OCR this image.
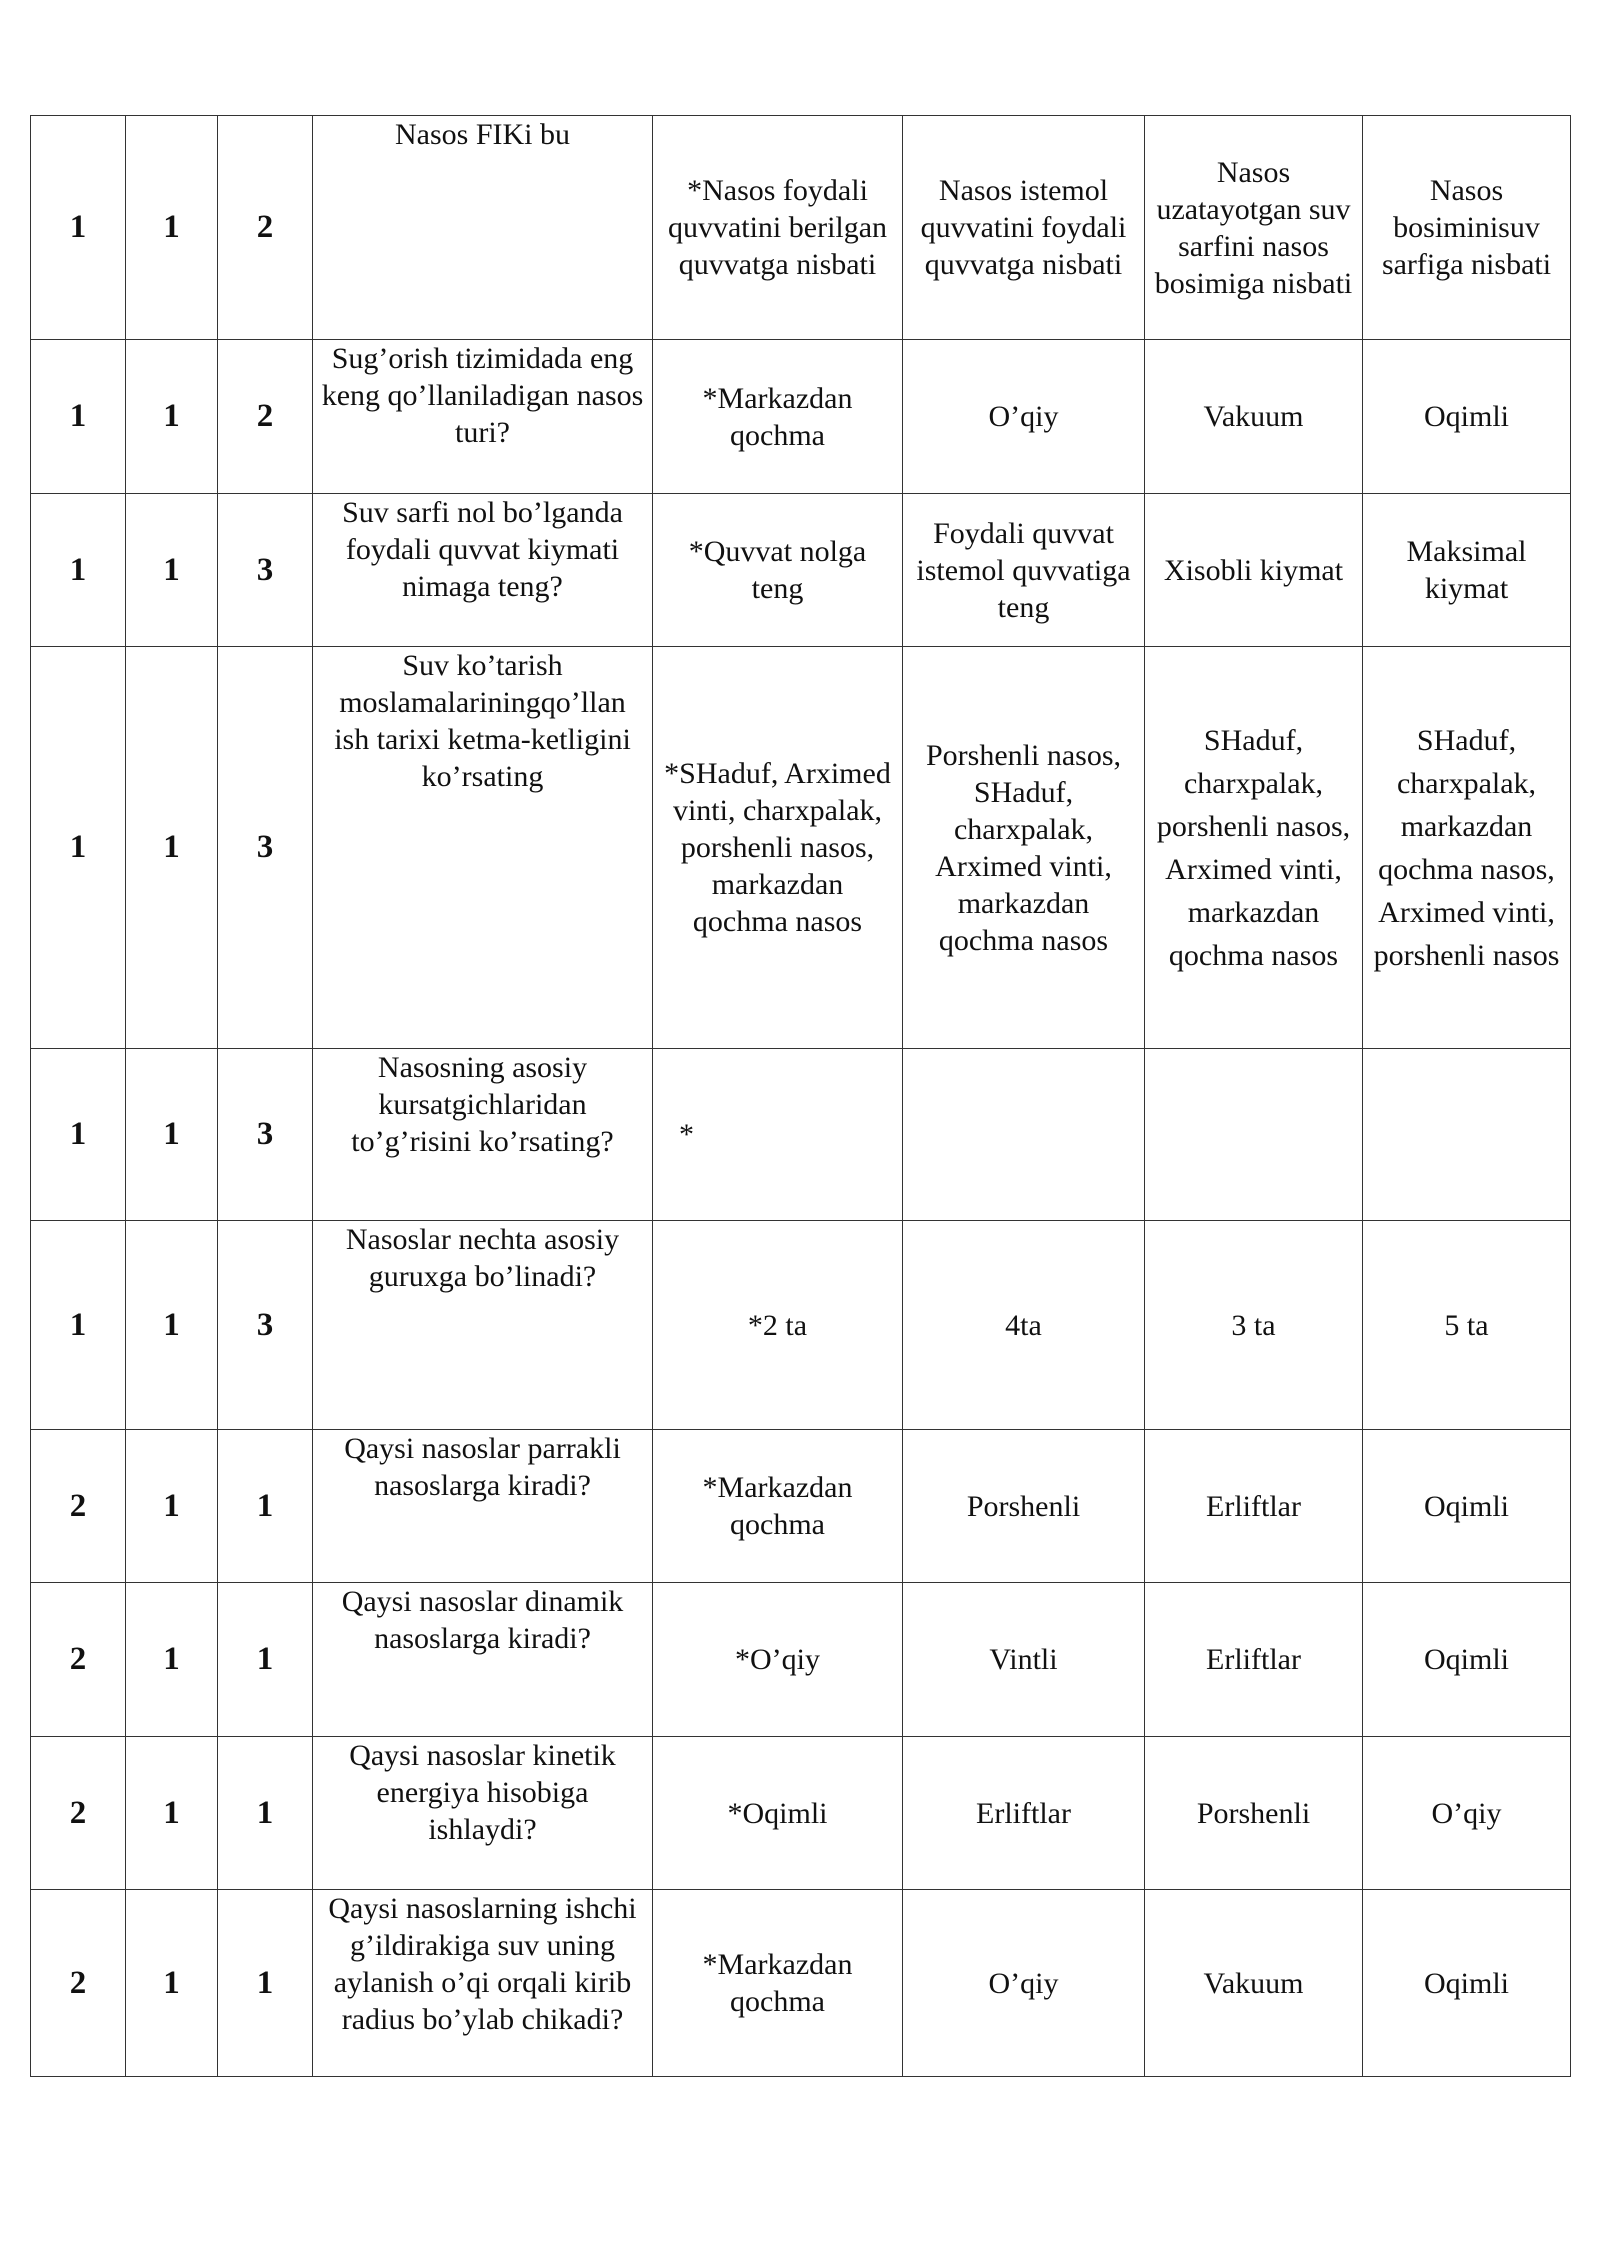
1	1	2	Nasos FIKi bu	*Nasos foydali quvvatini berilgan quvvatga nisbati	Nasos istemol quvvatini foydali quvvatga nisbati	Nasos uzatayotgan suv sarfini nasos bosimiga nisbati	Nasos bosiminisuv sarfiga nisbati
1	1	2	Sug’orish tizimidada eng keng qo’llaniladigan nasos turi?	*Markazdan qochma	O’qiy	Vakuum	Oqimli
1	1	3	Suv sarfi nol bo’lganda foydali quvvat kiymati nimaga teng?	*Quvvat nolga teng	Foydali quvvat istemol quvvatiga teng	Xisobli kiymat	Maksimal kiymat
1	1	3	Suv ko’tarish moslamalariningqo’llan ish tarixi ketma-ketligini ko’rsating	*SHaduf, Arximed vinti, charxpalak, porshenli nasos, markazdan qochma nasos	Porshenli nasos, SHaduf, charxpalak, Arximed vinti, markazdan qochma nasos	SHaduf, charxpalak, porshenli nasos, Arximed vinti, markazdan qochma nasos	SHaduf, charxpalak, markazdan qochma nasos, Arximed vinti, porshenli nasos
1	1	3	Nasosning asosiy kursatgichlaridan to’g’risini ko’rsating?	*			
1	1	3	Nasoslar nechta asosiy guruxga bo’linadi?	*2 ta	4ta	3 ta	5 ta
2	1	1	Qaysi nasoslar parrakli nasoslarga kiradi?	*Markazdan qochma	Porshenli	Erliftlar	Oqimli
2	1	1	Qaysi nasoslar dinamik nasoslarga kiradi?	*O’qiy	Vintli	Erliftlar	Oqimli
2	1	1	Qaysi nasoslar kinetik energiya hisobiga ishlaydi?	*Oqimli	Erliftlar	Porshenli	O’qiy
2	1	1	Qaysi nasoslarning ishchi g’ildirakiga suv uning aylanish o’qi orqali kirib radius bo’ylab chikadi?	*Markazdan qochma	O’qiy	Vakuum	Oqimli
